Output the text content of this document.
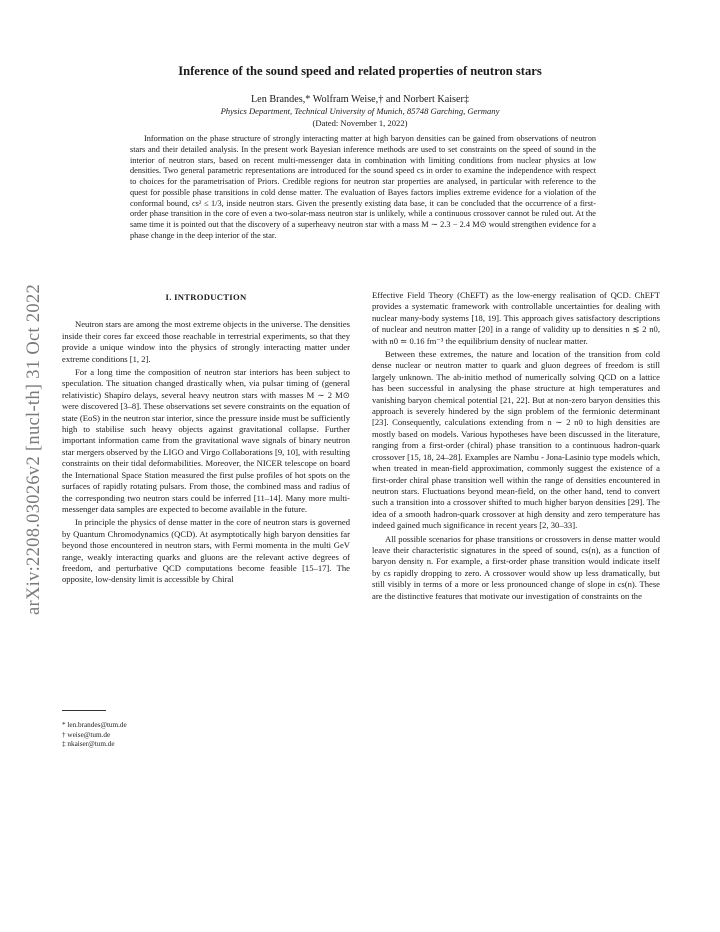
arXiv:2208.03026v2 [nucl-th] 31 Oct 2022
Inference of the sound speed and related properties of neutron stars
Len Brandes,* Wolfram Weise,† and Norbert Kaiser‡
Physics Department, Technical University of Munich, 85748 Garching, Germany
(Dated: November 1, 2022)
Information on the phase structure of strongly interacting matter at high baryon densities can be gained from observations of neutron stars and their detailed analysis. In the present work Bayesian inference methods are used to set constraints on the speed of sound in the interior of neutron stars, based on recent multi-messenger data in combination with limiting conditions from nuclear physics at low densities. Two general parametric representations are introduced for the sound speed cs in order to examine the independence with respect to choices for the parametrisation of Priors. Credible regions for neutron star properties are analysed, in particular with reference to the quest for possible phase transitions in cold dense matter. The evaluation of Bayes factors implies extreme evidence for a violation of the conformal bound, cs² ≤ 1/3, inside neutron stars. Given the presently existing data base, it can be concluded that the occurrence of a first-order phase transition in the core of even a two-solar-mass neutron star is unlikely, while a continuous crossover cannot be ruled out. At the same time it is pointed out that the discovery of a superheavy neutron star with a mass M ∼ 2.3 − 2.4 M⊙ would strengthen evidence for a phase change in the deep interior of the star.
I. INTRODUCTION

Neutron stars are among the most extreme objects in the universe. The densities inside their cores far exceed those reachable in terrestrial experiments, so that they provide a unique window into the physics of strongly interacting matter under extreme conditions [1, 2].

For a long time the composition of neutron star interiors has been subject to speculation. The situation changed drastically when, via pulsar timing of (general relativistic) Shapiro delays, several heavy neutron stars with masses M ∼ 2 M⊙ were discovered [3–8]. These observations set severe constraints on the equation of state (EoS) in the neutron star interior, since the pressure inside must be sufficiently high to stabilise such heavy objects against gravitational collapse. Further important information came from the gravitational wave signals of binary neutron star mergers observed by the LIGO and Virgo Collaborations [9, 10], with resulting constraints on their tidal deformabilities. Moreover, the NICER telescope on board the International Space Station measured the first pulse profiles of hot spots on the surfaces of rapidly rotating pulsars. From those, the combined mass and radius of the corresponding two neutron stars could be inferred [11–14]. Many more multi-messenger data samples are expected to become available in the future.

In principle the physics of dense matter in the core of neutron stars is governed by Quantum Chromodynamics (QCD). At asymptotically high baryon densities far beyond those encountered in neutron stars, with Fermi momenta in the multi GeV range, weakly interacting quarks and gluons are the relevant active degrees of freedom, and perturbative QCD computations become feasible [15–17]. The opposite, low-density limit is accessible by Chiral

Effective Field Theory (ChEFT) as the low-energy realisation of QCD. ChEFT provides a systematic framework with controllable uncertainties for dealing with nuclear many-body systems [18, 19]. This approach gives satisfactory descriptions of nuclear and neutron matter [20] in a range of validity up to densities n ≲ 2 n0, with n0 ≃ 0.16 fm⁻³ the equilibrium density of nuclear matter.

Between these extremes, the nature and location of the transition from cold dense nuclear or neutron matter to quark and gluon degrees of freedom is still largely unknown. The ab-initio method of numerically solving QCD on a lattice has been successful in analysing the phase structure at high temperatures and vanishing baryon chemical potential [21, 22]. But at non-zero baryon densities this approach is severely hindered by the sign problem of the fermionic determinant [23]. Consequently, calculations extending from n ∼ 2 n0 to high densities are mostly based on models. Various hypotheses have been discussed in the literature, ranging from a first-order (chiral) phase transition to a continuous hadron-quark crossover [15, 18, 24–28]. Examples are Nambu - Jona-Lasinio type models which, when treated in mean-field approximation, commonly suggest the existence of a first-order chiral phase transition well within the range of densities encountered in neutron stars. Fluctuations beyond mean-field, on the other hand, tend to convert such a transition into a crossover shifted to much higher baryon densities [29]. The idea of a smooth hadron-quark crossover at high density and zero temperature has indeed gained much significance in recent years [2, 30–33].

All possible scenarios for phase transitions or crossovers in dense matter would leave their characteristic signatures in the speed of sound, cs(n), as a function of baryon density n. For example, a first-order phase transition would indicate itself by cs rapidly dropping to zero. A crossover would show up less dramatically, but still visibly in terms of a more or less pronounced change of slope in cs(n). These are the distinctive features that motivate our investigation of constraints on the

* len.brandes@tum.de
† weise@tum.de
‡ nkaiser@tum.de
